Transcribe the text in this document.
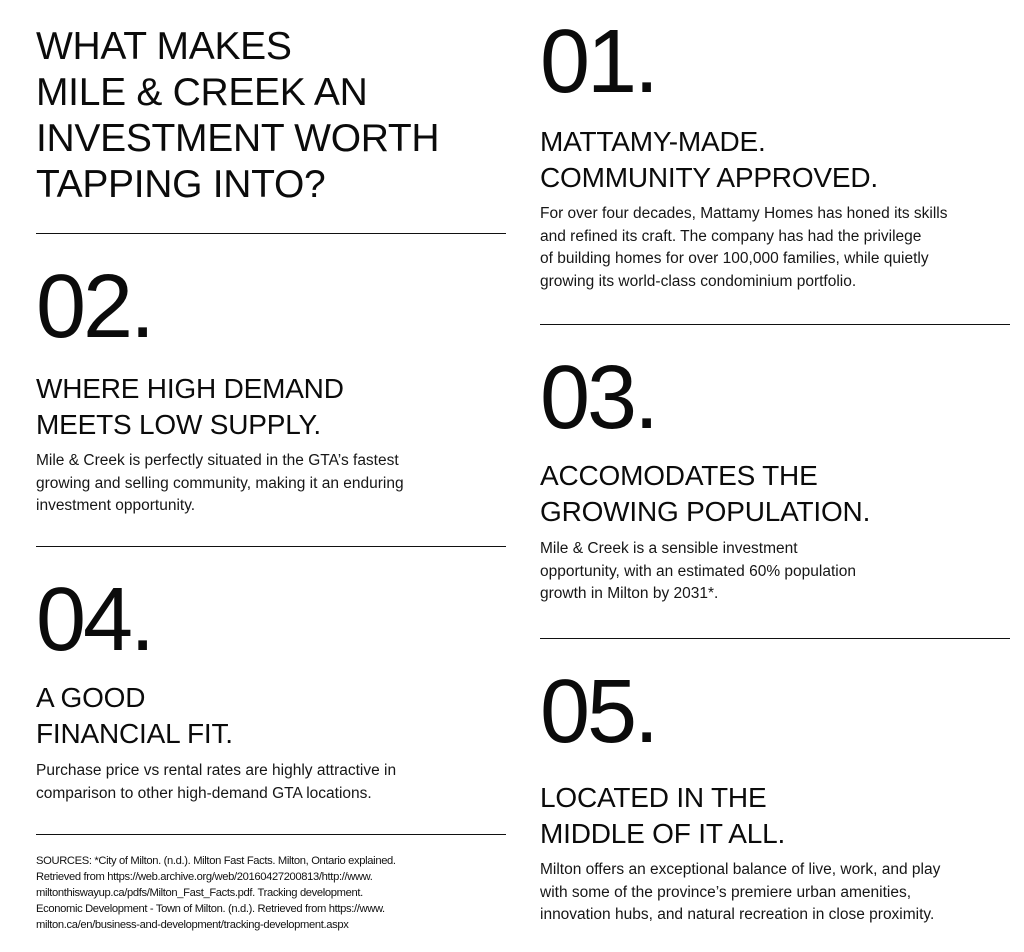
WHAT MAKES
MILE & CREEK AN
INVESTMENT WORTH
TAPPING INTO?
02.
WHERE HIGH DEMAND
MEETS LOW SUPPLY.
Mile & Creek is perfectly situated in the GTA’s fastest
growing and selling community, making it an enduring
investment opportunity.
04.
A GOOD
FINANCIAL FIT.
Purchase price vs rental rates are highly attractive in
comparison to other high-demand GTA locations.
SOURCES: *City of Milton. (n.d.). Milton Fast Facts. Milton, Ontario explained.
Retrieved from https://web.archive.org/web/20160427200813/http://www.
miltonthiswayup.ca/pdfs/Milton_Fast_Facts.pdf. Tracking development.
Economic Development - Town of Milton. (n.d.). Retrieved from https://www.
milton.ca/en/business-and-development/tracking-development.aspx
01.
MATTAMY-MADE.
COMMUNITY APPROVED.
For over four decades, Mattamy Homes has honed its skills
and refined its craft. The company has had the privilege
of building homes for over 100,000 families, while quietly
growing its world-class condominium portfolio.
03.
ACCOMODATES THE
GROWING POPULATION.
Mile & Creek is a sensible investment
opportunity, with an estimated 60% population
growth in Milton by 2031*.
05.
LOCATED IN THE
MIDDLE OF IT ALL.
Milton offers an exceptional balance of live, work, and play
with some of the province’s premiere urban amenities,
innovation hubs, and natural recreation in close proximity.
